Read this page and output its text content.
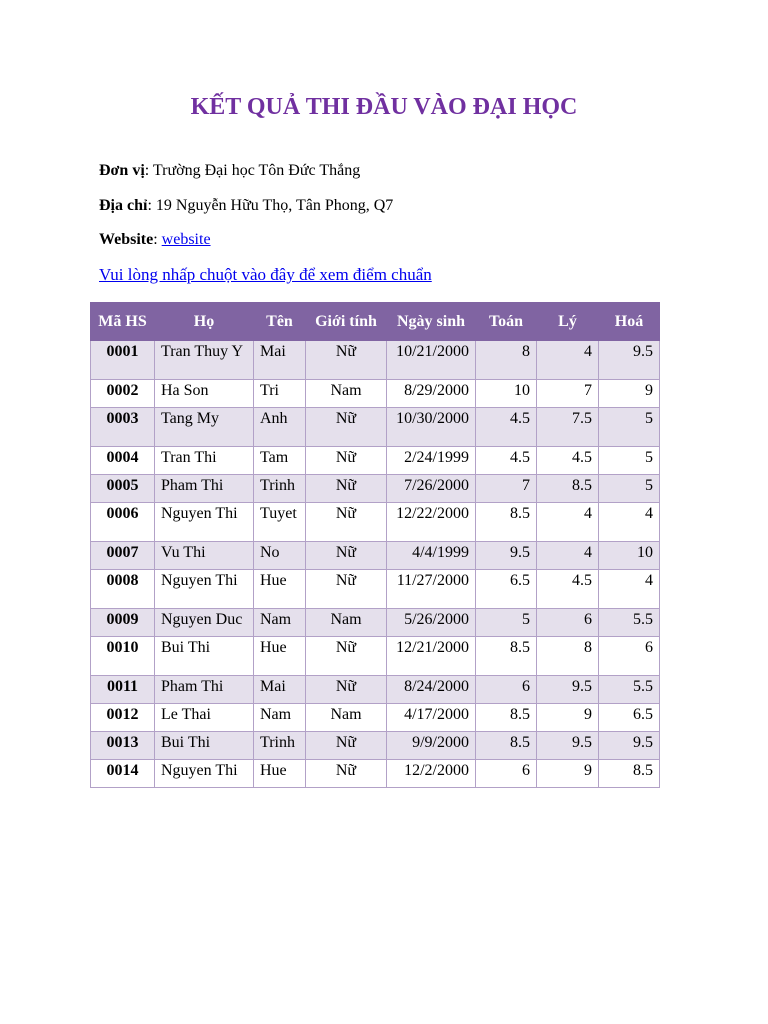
KẾT QUẢ THI ĐẦU VÀO ĐẠI HỌC

Đơn vị: Trường Đại học Tôn Đức Thắng

Địa chỉ: 19 Nguyễn Hữu Thọ, Tân Phong, Q7

Website: website

Vui lòng nhấp chuột vào đây để xem điểm chuẩn
Mã HS	Họ	Tên	Giới tính	Ngày sinh	Toán	Lý	Hoá
0001	Tran Thuy Y	Mai	Nữ	10/21/2000	8	4	9.5
0002	Ha Son	Tri	Nam	8/29/2000	10	7	9
0003	Tang My	Anh	Nữ	10/30/2000	4.5	7.5	5
0004	Tran Thi	Tam	Nữ	2/24/1999	4.5	4.5	5
0005	Pham Thi	Trinh	Nữ	7/26/2000	7	8.5	5
0006	Nguyen Thi	Tuyet	Nữ	12/22/2000	8.5	4	4
0007	Vu Thi	No	Nữ	4/4/1999	9.5	4	10
0008	Nguyen Thi	Hue	Nữ	11/27/2000	6.5	4.5	4
0009	Nguyen Duc	Nam	Nam	5/26/2000	5	6	5.5
0010	Bui Thi	Hue	Nữ	12/21/2000	8.5	8	6
0011	Pham Thi	Mai	Nữ	8/24/2000	6	9.5	5.5
0012	Le Thai	Nam	Nam	4/17/2000	8.5	9	6.5
0013	Bui Thi	Trinh	Nữ	9/9/2000	8.5	9.5	9.5
0014	Nguyen Thi	Hue	Nữ	12/2/2000	6	9	8.5
